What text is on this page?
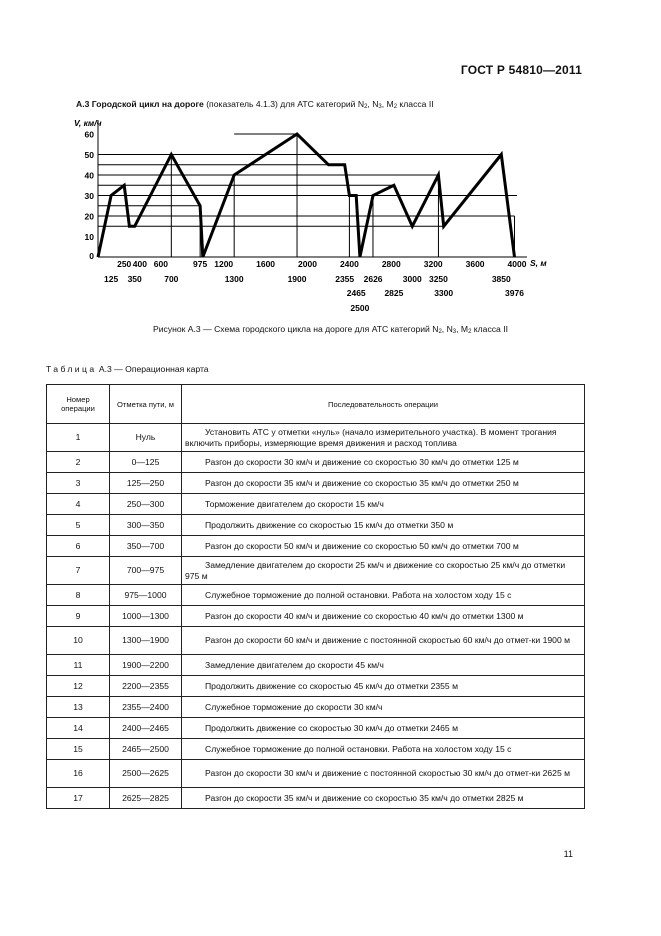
ГОСТ Р 54810—2011
А.3 Городской цикл на дороге (показатель 4.1.3) для АТС категорий $N_2$, $N_3$, $M_2$ класса II
10
20
30
40
50
60
0
V, км/ч
S, м
250 400 600	975 1200	1600	2000	2400	2800	3200	3600	4000
125 350	700	1300	1900	2355 2626 3000 3250	3850
2465 2825	3300	3976
2500
Рисунок А.3 — Схема городского цикла на дороге для АТС категорий $N_2$, $N_3$, $M_2$ класса II
Таблица А.3 — Операционная карта
Номер операции	Отметка пути, м	Последовательность операции
1	Нуль	Установить АТС у отметки «нуль» (начало измерительного участка). В момент трогания включить приборы, измеряющие время движения и расход топлива
2	0—125	Разгон до скорости 30 км/ч и движение со скоростью 30 км/ч до отметки 125 м
3	125—250	Разгон до скорости 35 км/ч и движение со скоростью 35 км/ч до отметки 250 м
4	250—300	Торможение двигателем до скорости 15 км/ч
5	300—350	Продолжить движение со скоростью 15 км/ч до отметки 350 м
6	350—700	Разгон до скорости 50 км/ч и движение со скоростью 50 км/ч до отметки 700 м
7	700—975	Замедление двигателем до скорости 25 км/ч и движение со скоростью 25 км/ч до отметки 975 м
8	975—1000	Служебное торможение до полной остановки. Работа на холостом ходу 15 с
9	1000—1300	Разгон до скорости 40 км/ч и движение со скоростью 40 км/ч до отметки 1300 м
10	1300—1900	Разгон до скорости 60 км/ч и движение с постоянной скоростью 60 км/ч до отмет-ки 1900 м
11	1900—2200	Замедление двигателем до скорости 45 км/ч
12	2200—2355	Продолжить движение со скоростью 45 км/ч до отметки 2355 м
13	2355—2400	Служебное торможение до скорости 30 км/ч
14	2400—2465	Продолжить движение со скоростью 30 км/ч до отметки 2465 м
15	2465—2500	Служебное торможение до полной остановки. Работа на холостом ходу 15 с
16	2500—2625	Разгон до скорости 30 км/ч и движение с постоянной скоростью 30 км/ч до отмет-ки 2625 м
17	2625—2825	Разгон до скорости 35 км/ч и движение со скоростью 35 км/ч до отметки 2825 м
11
